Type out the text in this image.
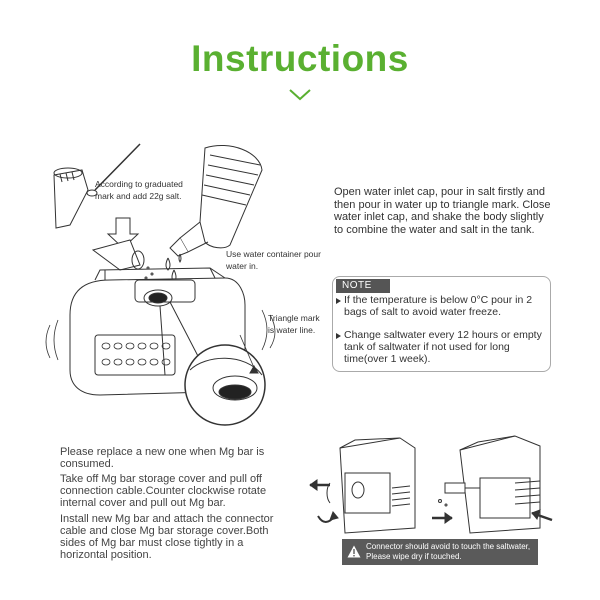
Instructions
According to graduated mark and add 22g salt.
Use water container pour water in.
Triangle mark is water line.
Open water inlet cap, pour in salt firstly and then pour in water up to triangle mark. Close water inlet cap, and shake the body slightly to combine the water and salt in the tank.
NOTE
If the temperature is below 0°C pour in 2 bags of salt to avoid water freeze.
Change saltwater every 12 hours or empty tank of saltwater if not used for long time(over 1 week).
Please replace a new one when Mg bar is consumed.
Take off Mg bar storage cover and pull off connection cable.Counter clockwise rotate internal cover and pull out Mg bar.
Install new Mg bar and attach the connector cable and close Mg bar storage cover.Both sides of Mg bar must close tightly in a horizontal position.
Connector should avoid to touch the saltwater, Please wipe dry if touched.
